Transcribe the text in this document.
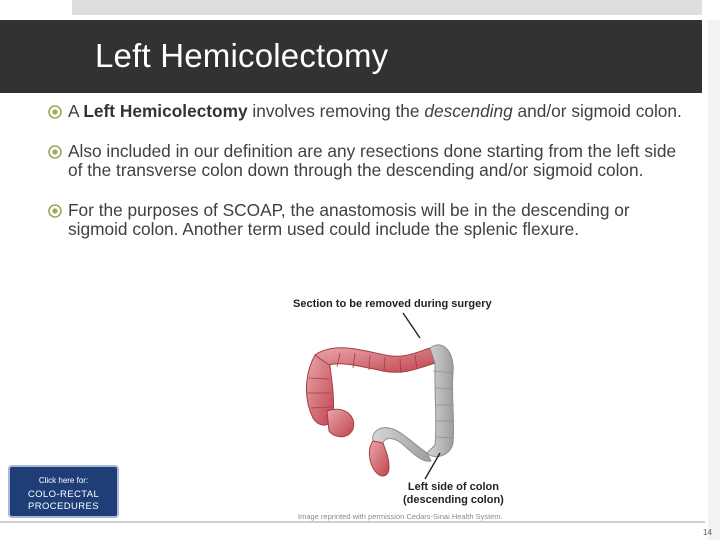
Left Hemicolectomy
A Left Hemicolectomy involves removing the descending and/or sigmoid colon.
Also included in our definition are any resections done starting from the left side of the transverse colon down through the descending and/or sigmoid colon.
For the purposes of SCOAP, the anastomosis will be in the descending or sigmoid colon. Another term used could include the splenic flexure.
Section to be removed during surgery
Left side of colon
(descending colon)
Image reprinted with permission Cedars-Sinai Health System.
Click here for:
COLO-RECTAL
PROCEDURES
14
